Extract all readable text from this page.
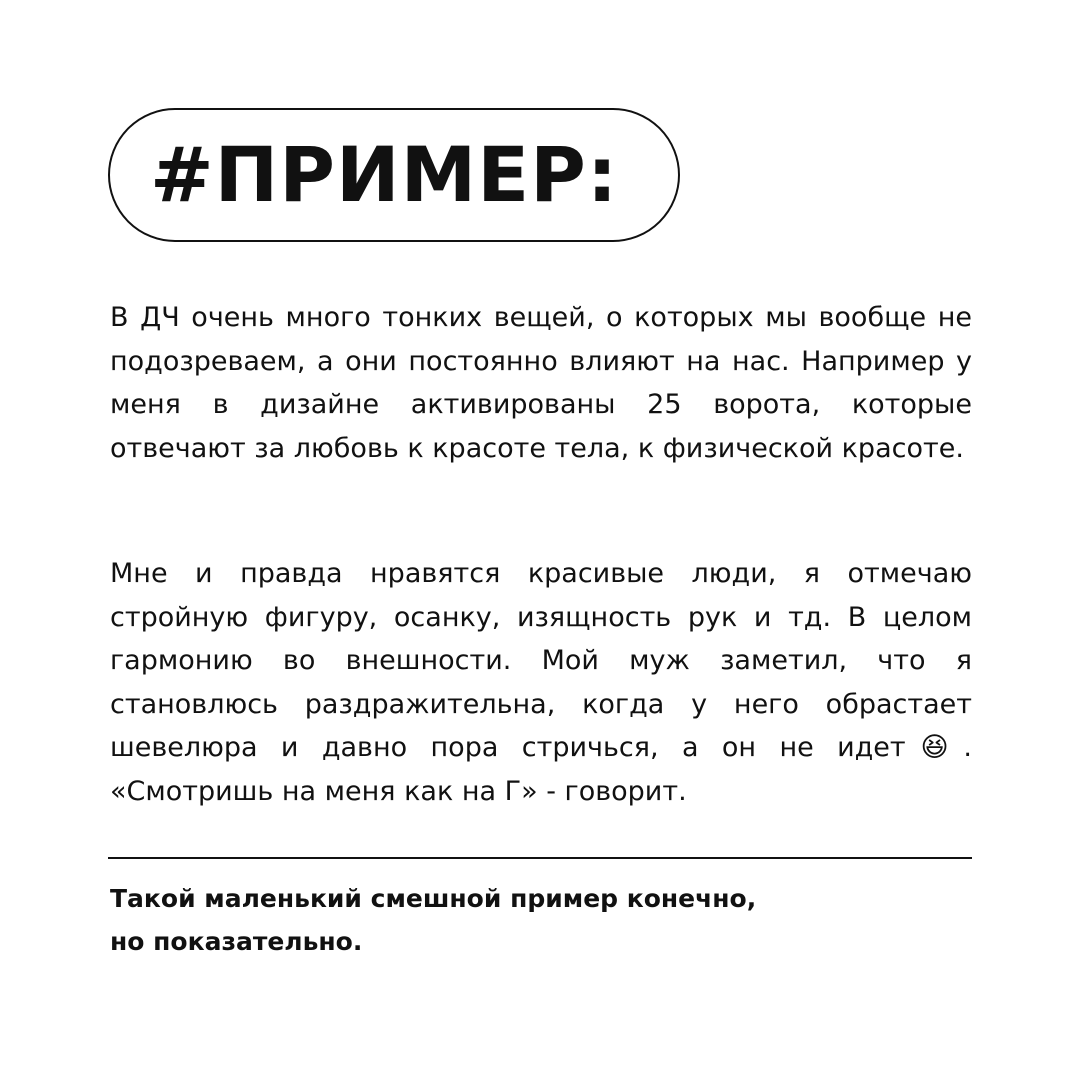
#ПРИМЕР:

В ДЧ очень много тонких вещей, о которых мы вообще не подозреваем, а они постоянно влияют на нас. Например у меня в дизайне активированы 25 ворота, которые отвечают за любовь к красоте тела, к физической красоте.

Мне и правда нравятся красивые люди, я отмечаю стройную фигуру, осанку, изящность рук и тд. В целом гармонию во внешности. Мой муж заметил, что я становлюсь раздражительна, когда у него обрастает шевелюра и давно пора стричься, а он не идет😆. «Смотришь на меня как на Г» - говорит.

Такой маленький смешной пример конечно,
но показательно.
